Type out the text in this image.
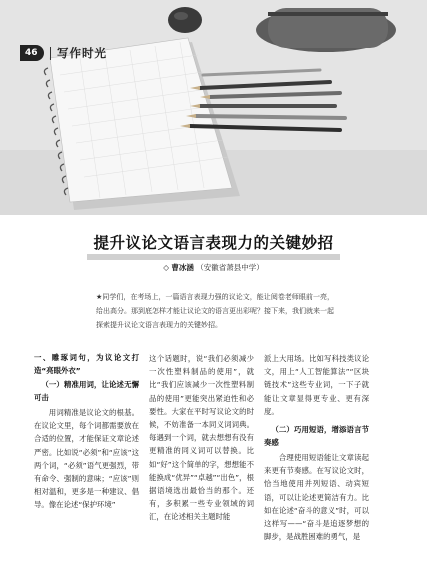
46	写作时光
提升议论文语言表现力的关键妙招
◇ 曹冰涵 （安徽省萧县中学）
★同学们，在考场上，一篇语言表现力强的议论文，能让阅卷老师眼前一亮，给出高分。那到底怎样才能让议论文的语言更出彩呢？接下来，我们就来一起探索提升议论文语言表现力的关键妙招。
一、雕琢词句，为议论文打造“亮眼外衣”
（一）精准用词，让论述无懈可击

用词精准是议论文的根基。在议论文里，每个词都需要放在合适的位置，才能保证文章论述严密。比如说“必须”和“应该”这两个词，“必须”语气更强烈，带有命令、强制的意味；“应该”则相对温和，更多是一种建议、倡导。像在论述“保护环境”

这个话题时，说“我们必须减少一次性塑料制品的使用”，就比“我们应该减少一次性塑料制品的使用”更能突出紧迫性和必要性。大家在平时写议论文的时候，不妨准备一本同义词词典。每遇到一个词，就去想想有没有更精准的同义词可以替换。比如“好”这个简单的字，想想能不能换成“优异”“卓越”“出色”，根据语境选出最恰当的那个。还有，多积累一些专业领域的词汇，在论述相关主题时能

派上大用场。比如写科技类议论文，用上“人工智能算法”“区块链技术”这些专业词，一下子就能让文章显得更专业、更有深度。

（二）巧用短语，增添语言节奏感

合理使用短语能让文章读起来更有节奏感。在写议论文时，恰当地使用并列短语、动宾短语，可以让论述更简洁有力。比如在论述“奋斗的意义”时，可以这样写——“奋斗是追逐梦想的脚步，是战胜困难的勇气，是
